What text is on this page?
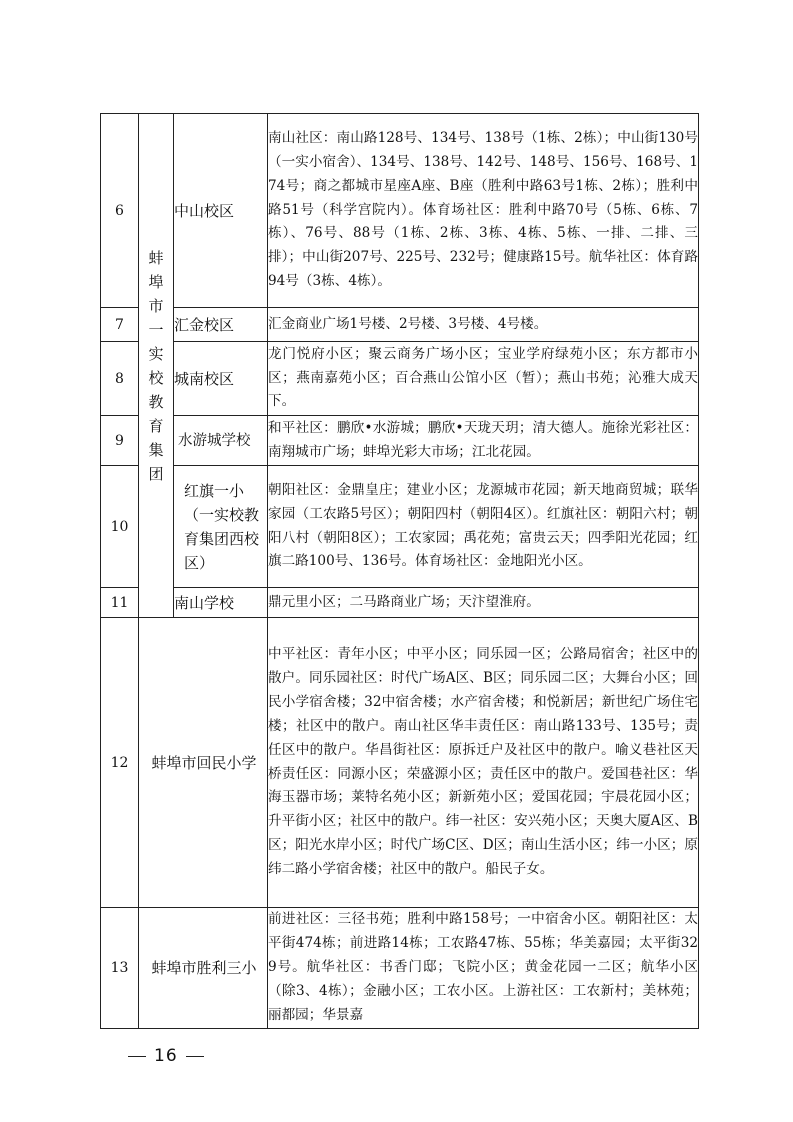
6	蚌埠市一实校教育集团	中山校区	南山社区：南山路128号、134号、138号（1栋、2栋）；中山街130号（一实小宿舍）、134号、138号、142号、148号、156号、168号、174号；商之都城市星座A座、B座（胜利中路63号1栋、2栋）；胜利中路51号（科学宫院内）。体育场社区：胜利中路70号（5栋、6栋、7栋）、76号、88号（1栋、2栋、3栋、4栋、5栋、一排、二排、三排）；中山街207号、225号、232号；健康路15号。航华社区：体育路94号（3栋、4栋）。
7		汇金校区	汇金商业广场1号楼、2号楼、3号楼、4号楼。
8		城南校区	龙门悦府小区；聚云商务广场小区；宝业学府绿苑小区；东方都市小区；燕南嘉苑小区；百合燕山公馆小区（暂）；燕山书苑；沁雅大成天下。
9		水游城学校	和平社区：鹏欣•水游城；鹏欣•天珑天玥；清大德人。施徐光彩社区：南翔城市广场；蚌埠光彩大市场；江北花园。
10		红旗一小（一实校教育集团西校区）	朝阳社区：金鼎皇庄；建业小区；龙源城市花园；新天地商贸城；联华家园（工农路5号区）；朝阳四村（朝阳4区）。红旗社区：朝阳六村；朝阳八村（朝阳8区）；工农家园；禹花苑；富贵云天；四季阳光花园；红旗二路100号、136号。体育场社区：金地阳光小区。
11		南山学校	鼎元里小区；二马路商业广场；天汴望淮府。
12	蚌埠市回民小学		中平社区：青年小区；中平小区；同乐园一区；公路局宿舍；社区中的散户。同乐园社区：时代广场A区、B区；同乐园二区；大舞台小区；回民小学宿舍楼；32中宿舍楼；水产宿舍楼；和悦新居；新世纪广场住宅楼；社区中的散户。南山社区华丰责任区：南山路133号、135号；责任区中的散户。华昌街社区：原拆迁户及社区中的散户。喻义巷社区天桥责任区：同源小区；荣盛源小区；责任区中的散户。爱国巷社区：华海玉器市场；莱特名苑小区；新新苑小区；爱国花园；宇晨花园小区；升平街小区；社区中的散户。纬一社区：安兴苑小区；天奥大厦A区、B区；阳光水岸小区；时代广场C区、D区；南山生活小区；纬一小区；原纬二路小学宿舍楼；社区中的散户。船民子女。
13	蚌埠市胜利三小		前进社区：三径书苑；胜利中路158号；一中宿舍小区。朝阳社区：太平街474栋；前进路14栋；工农路47栋、55栋；华美嘉园；太平街329号。航华社区：书香门邸；飞院小区；黄金花园一二区；航华小区（除3、4栋）；金融小区；工农小区。上游社区：工农新村；美林苑；丽都园；华景嘉
16
